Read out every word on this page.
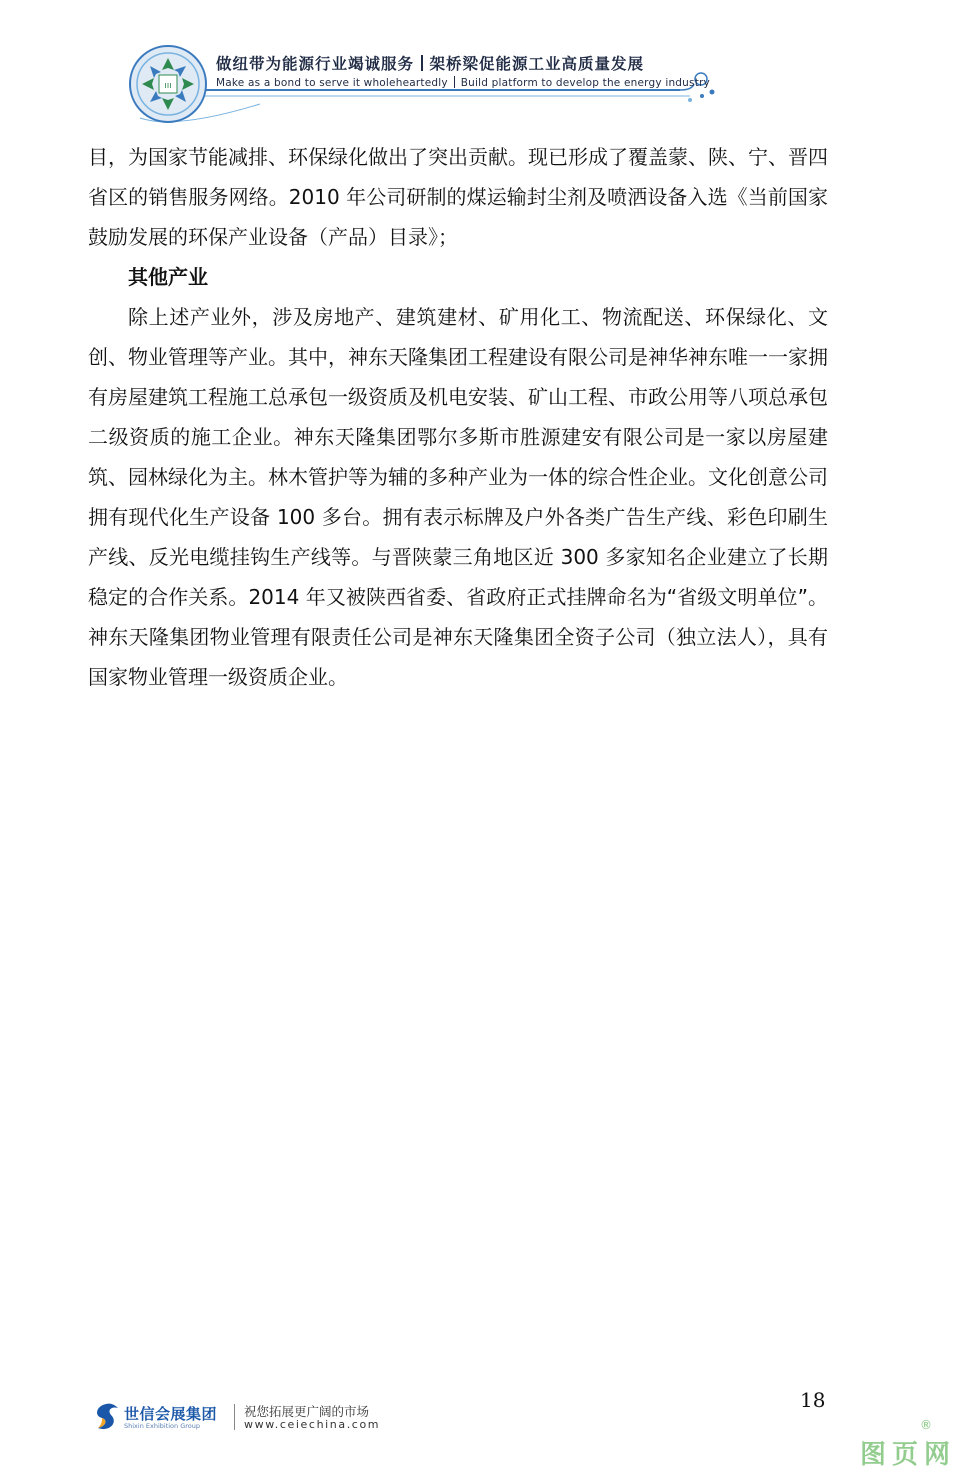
ııı
做纽带为能源行业竭诚服务 架桥梁促能源工业高质量发展
Make as a bond to serve it wholeheartedly Build platform to develop the energy industry

目，为国家节能减排、环保绿化做出了突出贡献。现已形成了覆盖蒙、陕、宁、晋四省区的销售服务网络。2010 年公司研制的煤运输封尘剂及喷洒设备入选《当前国家鼓励发展的环保产业设备（产品）目录》；

其他产业

除上述产业外，涉及房地产、建筑建材、矿用化工、物流配送、环保绿化、文创、物业管理等产业。其中，神东天隆集团工程建设有限公司是神华神东唯一一家拥有房屋建筑工程施工总承包一级资质及机电安装、矿山工程、市政公用等八项总承包二级资质的施工企业。神东天隆集团鄂尔多斯市胜源建安有限公司是一家以房屋建筑、园林绿化为主。林木管护等为辅的多种产业为一体的综合性企业。文化创意公司拥有现代化生产设备 100 多台。拥有表示标牌及户外各类广告生产线、彩色印刷生产线、反光电缆挂钩生产线等。与晋陕蒙三角地区近 300 多家知名企业建立了长期稳定的合作关系。2014 年又被陕西省委、省政府正式挂牌命名为“省级文明单位”。神东天隆集团物业管理有限责任公司是神东天隆集团全资子公司（独立法人），具有国家物业管理一级资质企业。

18
世信会展集团
Shixin Exhibition Group
祝您拓展更广阔的市场
www.ceiechina.com
图页网
®
